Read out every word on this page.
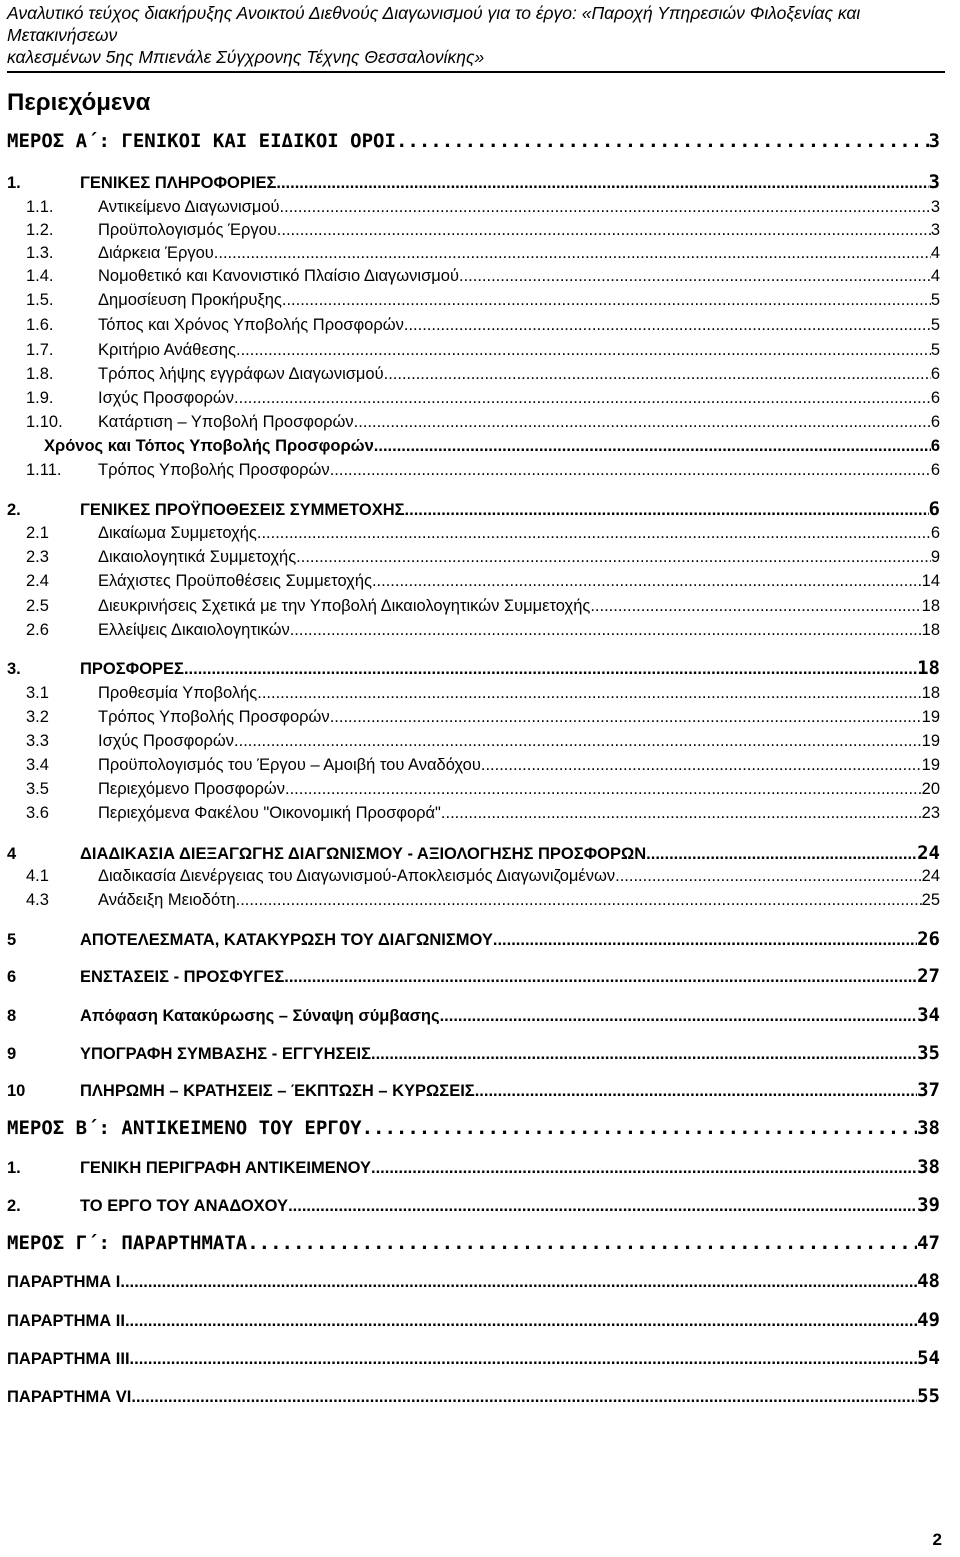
Αναλυτικό τεύχος διακήρυξης Ανοικτού Διεθνούς Διαγωνισμού για το έργο: «Παροχή Υπηρεσιών Φιλοξενίας και Μετακινήσεων
καλεσμένων 5ης Μπιενάλε Σύγχρονης Τέχνης Θεσσαλονίκης»
Περιεχόμενα
ΜΕΡΟΣ Α΄: ΓΕΝΙΚΟΙ ΚΑΙ ΕΙΔΙΚΟΙ ΟΡΟΙ .....	3
1.	ΓΕΝΙΚΕΣ ΠΛΗΡΟΦΟΡΙΕΣ .....	3
1.1.	Αντικείμενο Διαγωνισμού .....	3
1.2.	Προϋπολογισμός Έργου .....	3
1.3.	Διάρκεια Έργου .....	4
1.4.	Νομοθετικό και Κανονιστικό Πλαίσιο Διαγωνισμού .....	4
1.5.	Δημοσίευση Προκήρυξης .....	5
1.6.	Τόπος και Χρόνος Υποβολής Προσφορών .....	5
1.7.	Κριτήριο Ανάθεσης .....	5
1.8.	Τρόπος λήψης εγγράφων Διαγωνισμού .....	6
1.9.	Ισχύς Προσφορών .....	6
1.10.	Κατάρτιση – Υποβολή Προσφορών .....	6
Χρόνος και Τόπος Υποβολής Προσφορών .....	6
1.11.	Τρόπος Υποβολής Προσφορών .....	6
2.	ΓΕΝΙΚΕΣ ΠΡΟΫΠΟΘΕΣΕΙΣ ΣΥΜΜΕΤΟΧΗΣ .....	6
2.1	Δικαίωμα Συμμετοχής .....	6
2.3	Δικαιολογητικά Συμμετοχής .....	9
2.4	Ελάχιστες Προϋποθέσεις Συμμετοχής .....	14
2.5	Διευκρινήσεις Σχετικά με την Υποβολή Δικαιολογητικών Συμμετοχής .....	18
2.6	Ελλείψεις Δικαιολογητικών .....	18
3.	ΠΡΟΣΦΟΡΕΣ .....	18
3.1	Προθεσμία Υποβολής .....	18
3.2	Τρόπος Υποβολής Προσφορών .....	19
3.3	Ισχύς Προσφορών .....	19
3.4	Προϋπολογισμός του Έργου – Αμοιβή του Αναδόχου .....	19
3.5	Περιεχόμενο Προσφορών .....	20
3.6	Περιεχόμενα Φακέλου "Οικονομική Προσφορά" .....	23
4	ΔΙΑΔΙΚΑΣΙΑ ΔΙΕΞΑΓΩΓΗΣ ΔΙΑΓΩΝΙΣΜΟΥ - ΑΞΙΟΛΟΓΗΣΗΣ ΠΡΟΣΦΟΡΩΝ .....	24
4.1	Διαδικασία Διενέργειας του Διαγωνισμού-Αποκλεισμός Διαγωνιζομένων .....	24
4.3	Ανάδειξη Μειοδότη .....	25
5	ΑΠΟΤΕΛΕΣΜΑΤΑ, ΚΑΤΑΚΥΡΩΣΗ ΤΟΥ ΔΙΑΓΩΝΙΣΜΟΥ .....	26
6	ΕΝΣΤΑΣΕΙΣ - ΠΡΟΣΦΥΓΕΣ .....	27
8	Απόφαση Κατακύρωσης – Σύναψη σύμβασης .....	34
9	ΥΠΟΓΡΑΦΗ ΣΥΜΒΑΣΗΣ - ΕΓΓΥΗΣΕΙΣ .....	35
10	ΠΛΗΡΩΜΗ – ΚΡΑΤΗΣΕΙΣ – ΈΚΠΤΩΣΗ – ΚΥΡΩΣΕΙΣ .....	37
ΜΕΡΟΣ Β΄: ΑΝΤΙΚΕΙΜΕΝΟ ΤΟΥ ΕΡΓΟΥ .....	38
1.	ΓΕΝΙΚΗ ΠΕΡΙΓΡΑΦΗ ΑΝΤΙΚΕΙΜΕΝΟΥ .....	38
2.	ΤΟ ΕΡΓΟ ΤΟΥ ΑΝΑΔΟΧΟΥ .....	39
ΜΕΡΟΣ Γ΄: ΠΑΡΑΡΤΗΜΑΤΑ .....	47
ΠΑΡΑΡΤΗΜΑ Ι .....	48
ΠΑΡΑΡΤΗΜΑ ΙΙ .....	49
ΠΑΡΑΡΤΗΜΑ ΙΙΙ .....	54
ΠΑΡΑΡΤΗΜΑ VI .....	55
2
